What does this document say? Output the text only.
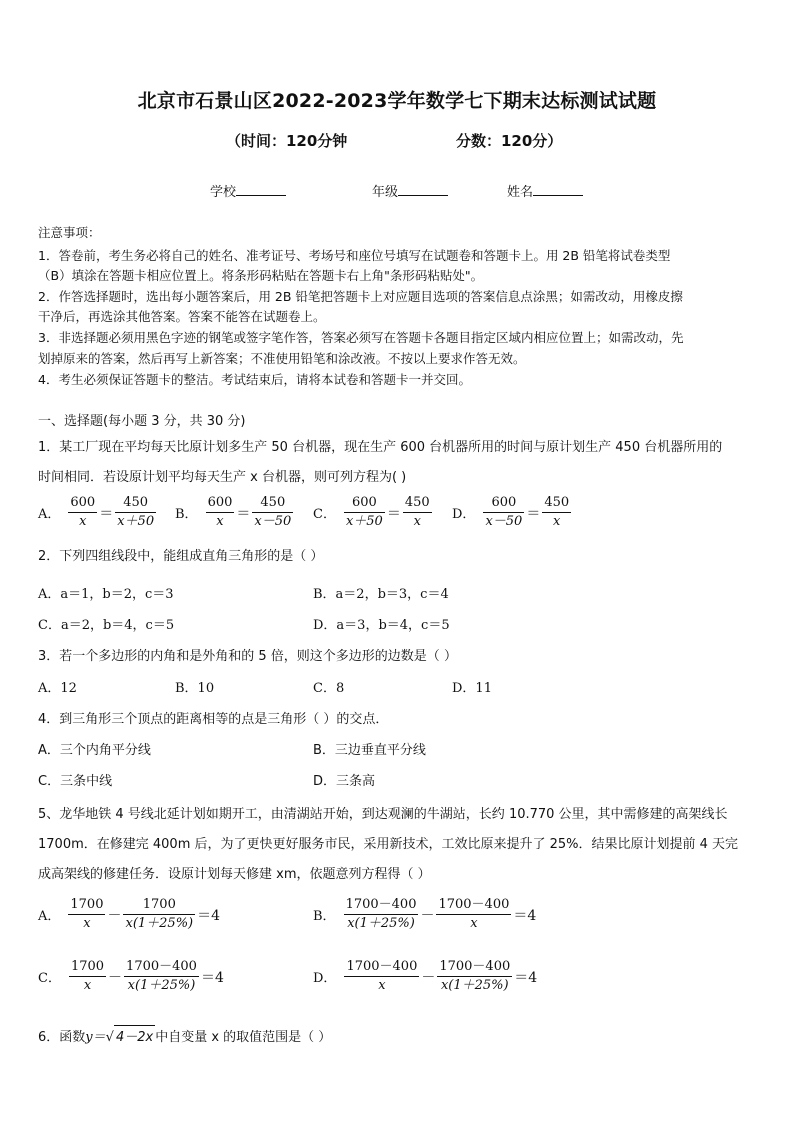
北京市石景山区2022-2023学年数学七下期末达标测试试题
（时间：120分钟	分数：120分）
学校	年级	姓名
注意事项：
1．答卷前，考生务必将自己的姓名、准考证号、考场号和座位号填写在试题卷和答题卡上。用 2B 铅笔将试卷类型
（B）填涂在答题卡相应位置上。将条形码粘贴在答题卡右上角"条形码粘贴处"。
2．作答选择题时，选出每小题答案后，用 2B 铅笔把答题卡上对应题目选项的答案信息点涂黑；如需改动，用橡皮擦
干净后，再选涂其他答案。答案不能答在试题卷上。
3．非选择题必须用黑色字迹的钢笔或签字笔作答，答案必须写在答题卡各题目指定区域内相应位置上；如需改动，先
划掉原来的答案，然后再写上新答案；不准使用铅笔和涂改液。不按以上要求作答无效。
4．考生必须保证答题卡的整洁。考试结束后，请将本试卷和答题卡一并交回。
一、选择题(每小题 3 分，共 30 分)
1．某工厂现在平均每天比原计划多生产 50 台机器，现在生产 600 台机器所用的时间与原计划生产 450 台机器所用的
时间相同．若设原计划平均每天生产 x 台机器，则可列方程为( )
A． $\frac{600}{x} = \frac{450}{x+50}$ B． $\frac{600}{x} = \frac{450}{x-50}$ C． $\frac{600}{x+50} = \frac{450}{x}$ D． $\frac{600}{x-50} = \frac{450}{x}$
2．下列四组线段中，能组成直角三角形的是（ ）
A．a＝1，b＝2，c＝3	B．a＝2，b＝3，c＝4
C．a＝2，b＝4，c＝5	D．a＝3，b＝4，c＝5
3．若一个多边形的内角和是外角和的 5 倍，则这个多边形的边数是（ ）
A．12	B．10	C．8	D．11
4．到三角形三个顶点的距离相等的点是三角形（ ）的交点．
A．三个内角平分线	B．三边垂直平分线
C．三条中线	D．三条高
5、龙华地铁 4 号线北延计划如期开工，由清湖站开始，到达观澜的牛湖站，长约 10.770 公里，其中需修建的高架线长
1700m．在修建完 400m 后，为了更快更好服务市民，采用新技术，工效比原来提升了 25%．结果比原计划提前 4 天完
成高架线的修建任务．设原计划每天修建 xm，依题意列方程得（ ）
A． $\frac{1700}{x} - \frac{1700}{x(1+25\%)} =4$	B． $\frac{1700-400}{x(1+25\%)} - \frac{1700-400}{x} =4$
C． $\frac{1700}{x} - \frac{1700-400}{x(1+25\%)} =4$	D． $\frac{1700-400}{x} - \frac{1700-400}{x(1+25\%)} =4$
6．函数y＝√ 4－2x 中自变量 x 的取值范围是（ ）
